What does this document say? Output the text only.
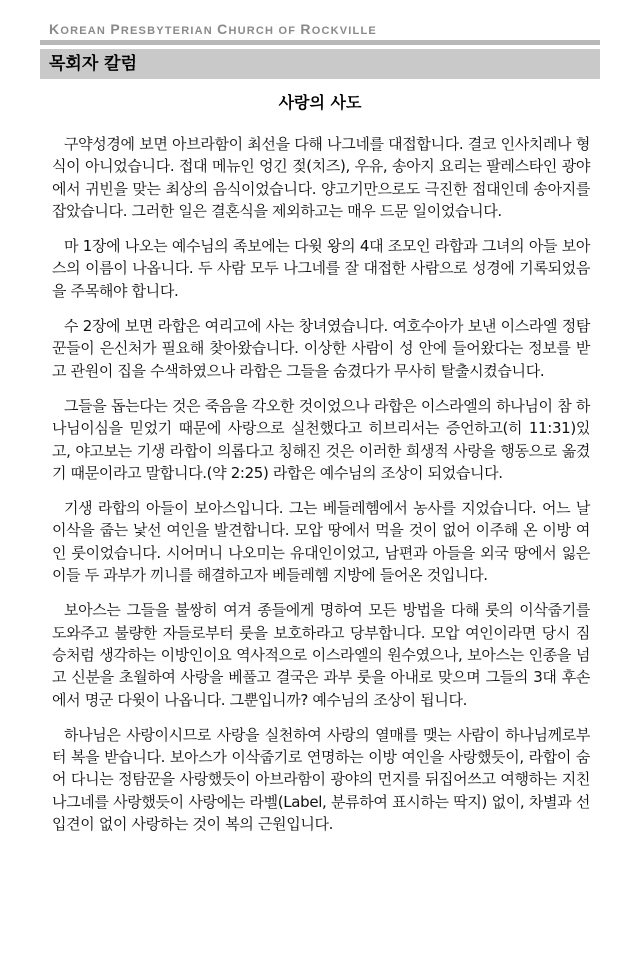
KOREAN PRESBYTERIAN CHURCH OF ROCKVILLE
목회자 칼럼
사랑의 사도

구약성경에 보면 아브라함이 최선을 다해 나그네를 대접합니다. 결코 인사치레나 형식이 아니었습니다. 접대 메뉴인 엉긴 젖(치즈), 우유, 송아지 요리는 팔레스타인 광야에서 귀빈을 맞는 최상의 음식이었습니다. 양고기만으로도 극진한 접대인데 송아지를 잡았습니다. 그러한 일은 결혼식을 제외하고는 매우 드문 일이었습니다.

마 1장에 나오는 예수님의 족보에는 다윗 왕의 4대 조모인 라합과 그녀의 아들 보아스의 이름이 나옵니다. 두 사람 모두 나그네를 잘 대접한 사람으로 성경에 기록되었음을 주목해야 합니다.

수 2장에 보면 라합은 여리고에 사는 창녀였습니다. 여호수아가 보낸 이스라엘 정탐꾼들이 은신처가 필요해 찾아왔습니다. 이상한 사람이 성 안에 들어왔다는 정보를 받고 관원이 집을 수색하였으나 라합은 그들을 숨겼다가 무사히 탈출시켰습니다.

그들을 돕는다는 것은 죽음을 각오한 것이었으나 라합은 이스라엘의 하나님이 참 하나님이심을 믿었기 때문에 사랑으로 실천했다고 히브리서는 증언하고(히 11:31)있고, 야고보는 기생 라합이 의롭다고 칭해진 것은 이러한 희생적 사랑을 행동으로 옮겼기 때문이라고 말합니다.(약 2:25) 라합은 예수님의 조상이 되었습니다.

기생 라합의 아들이 보아스입니다. 그는 베들레헴에서 농사를 지었습니다. 어느 날 이삭을 줍는 낯선 여인을 발견합니다. 모압 땅에서 먹을 것이 없어 이주해 온 이방 여인 룻이었습니다. 시어머니 나오미는 유대인이었고, 남편과 아들을 외국 땅에서 잃은 이들 두 과부가 끼니를 해결하고자 베들레헴 지방에 들어온 것입니다.

보아스는 그들을 불쌍히 여겨 종들에게 명하여 모든 방법을 다해 룻의 이삭줍기를 도와주고 불량한 자들로부터 룻을 보호하라고 당부합니다. 모압 여인이라면 당시 짐승처럼 생각하는 이방인이요 역사적으로 이스라엘의 원수였으나, 보아스는 인종을 넘고 신분을 초월하여 사랑을 베풀고 결국은 과부 룻을 아내로 맞으며 그들의 3대 후손에서 명군 다윗이 나옵니다. 그뿐입니까? 예수님의 조상이 됩니다.

하나님은 사랑이시므로 사랑을 실천하여 사랑의 열매를 맺는 사람이 하나님께로부터 복을 받습니다. 보아스가 이삭줍기로 연명하는 이방 여인을 사랑했듯이, 라합이 숨어 다니는 정탐꾼을 사랑했듯이 아브라함이 광야의 먼지를 뒤집어쓰고 여행하는 지친 나그네를 사랑했듯이 사랑에는 라벨(Label, 분류하여 표시하는 딱지) 없이, 차별과 선입견이 없이 사랑하는 것이 복의 근원입니다.
